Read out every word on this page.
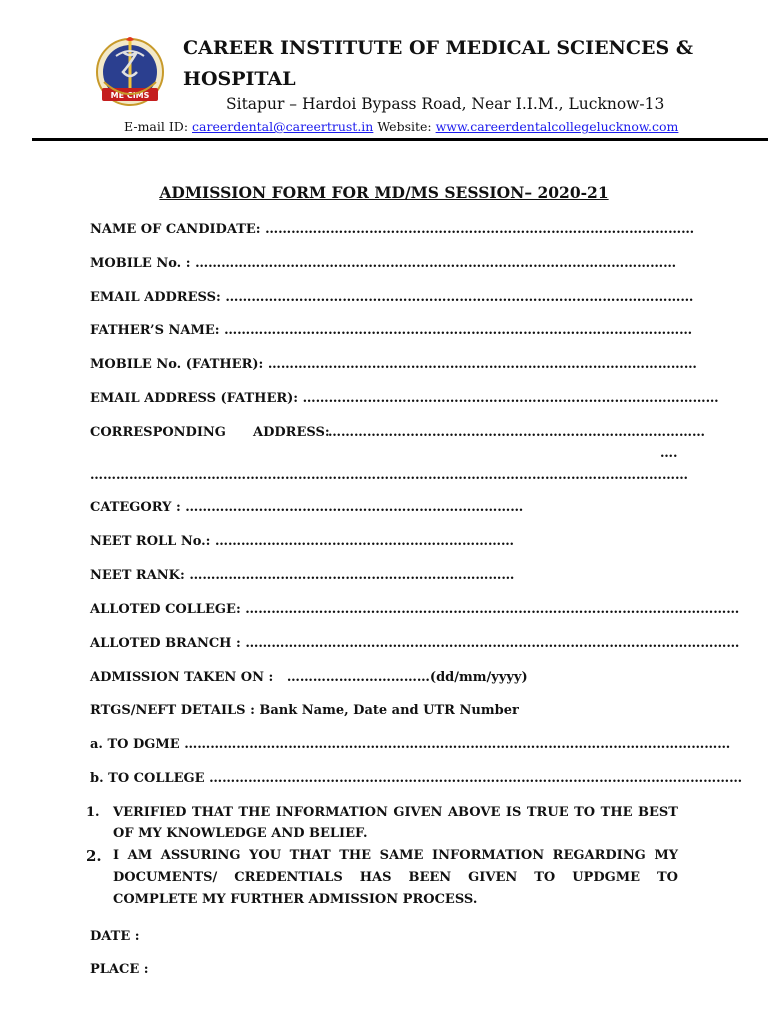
ME CIMS
CAREER INSTITUTE OF MEDICAL SCIENCES & HOSPITAL
Sitapur – Hardoi Bypass Road, Near I.I.M., Lucknow-13
E-mail ID: careerdental@careertrust.in Website: www.careerdentalcollegelucknow.com
ADMISSION FORM FOR MD/MS SESSION– 2020-21
NAME OF CANDIDATE: ………………………………………………………………………………………
MOBILE No. : …………………………………………………………………………………………………
EMAIL ADDRESS: ………………………………………………………………………………………………
FATHER’S NAME: ………………………………………………………………………………………………
MOBILE No. (FATHER): ………………………………………………………………………………………
EMAIL ADDRESS (FATHER): ……………………………………………………………………………………
CORRESPONDING      ADDRESS:
……………………………………………………………………………
….
…………………………………………………………………………………………………………………………
CATEGORY : ……………………………………………………………………
NEET ROLL No.: ……………………………………………………………
NEET RANK: …………………………………………………………………
ALLOTED COLLEGE: ……………………………………………………………………………………………………
ALLOTED BRANCH : ……………………………………………………………………………………………………
ADMISSION TAKEN ON :   ……………………………(dd/mm/yyyy)
RTGS/NEFT DETAILS : Bank Name, Date and UTR Number
a. TO DGME ………………………………………………………………………………………………………………
b. TO COLLEGE ……………………………………………………………………………………………………………
1.	VERIFIED THAT THE INFORMATION GIVEN ABOVE IS TRUE TO THE BEST OF MY KNOWLEDGE AND BELIEF.
2. I AM ASSURING YOU THAT THE SAME INFORMATION REGARDING MY DOCUMENTS/ CREDENTIALS HAS BEEN GIVEN TO UPDGME TO COMPLETE MY FURTHER ADMISSION PROCESS.
DATE :
PLACE :
